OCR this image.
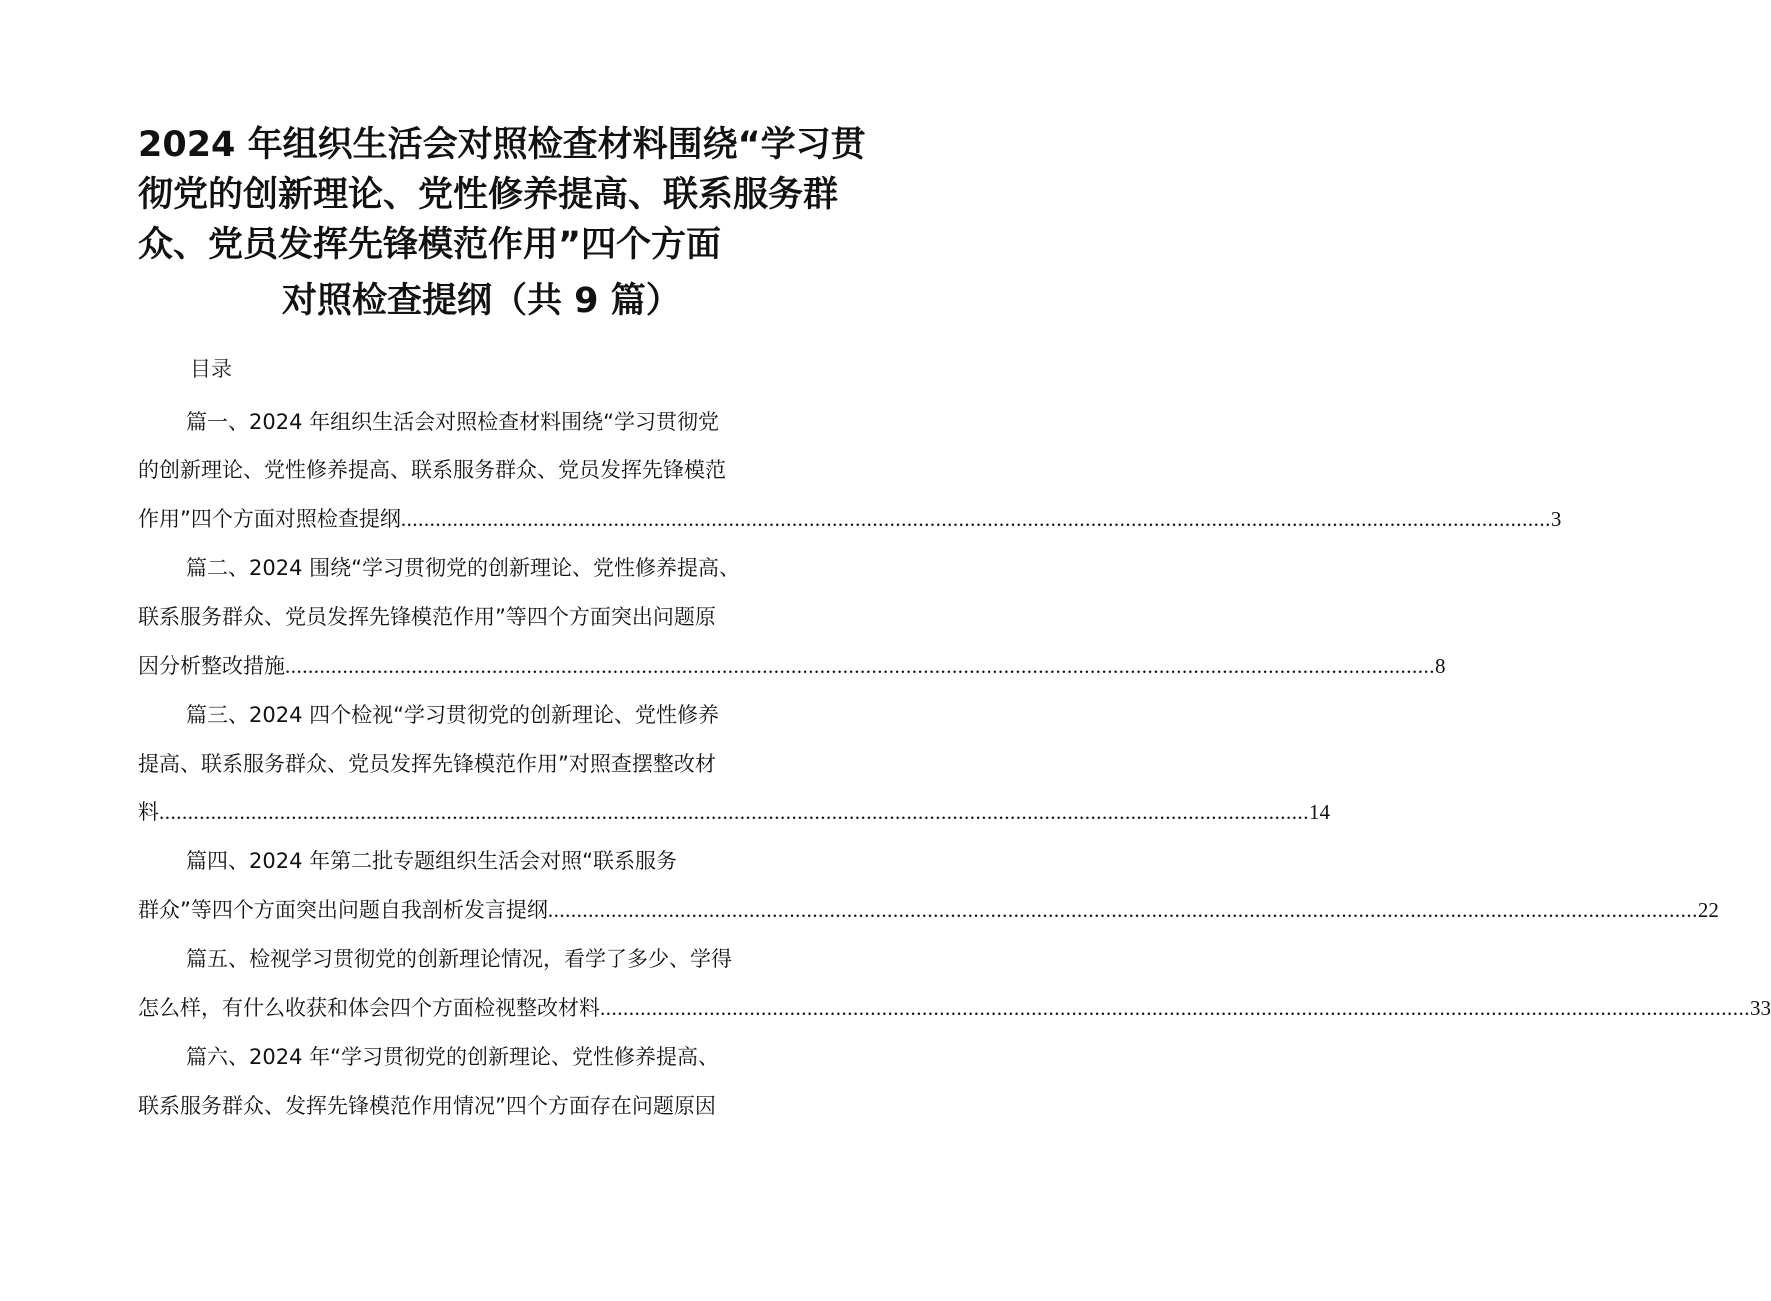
2024 年组织生活会对照检查材料围绕“学习贯
彻党的创新理论、党性修养提高、联系服务群
众、党员发挥先锋模范作用”四个方面
对照检查提纲（共 9 篇）
目录
篇一、2024 年组织生活会对照检查材料围绕“学习贯彻党
的创新理论、党性修养提高、联系服务群众、党员发挥先锋模范
作用”四个方面对照检查提纲 ........................................................................................................................................................................................................ 3
篇二、2024 围绕“学习贯彻党的创新理论、党性修养提高、
联系服务群众、党员发挥先锋模范作用”等四个方面突出问题原
因分析整改措施 ........................................................................................................................................................................................................ 8
篇三、2024 四个检视“学习贯彻党的创新理论、党性修养
提高、联系服务群众、党员发挥先锋模范作用”对照查摆整改材
料 ........................................................................................................................................................................................................ 14
篇四、2024 年第二批专题组织生活会对照“联系服务
群众”等四个方面突出问题自我剖析发言提纲 ........................................................................................................................................................................................................ 22
篇五、检视学习贯彻党的创新理论情况，看学了多少、学得
怎么样，有什么收获和体会四个方面检视整改材料 ........................................................................................................................................................................................................ 33
篇六、2024 年“学习贯彻党的创新理论、党性修养提高、
联系服务群众、发挥先锋模范作用情况”四个方面存在问题原因
